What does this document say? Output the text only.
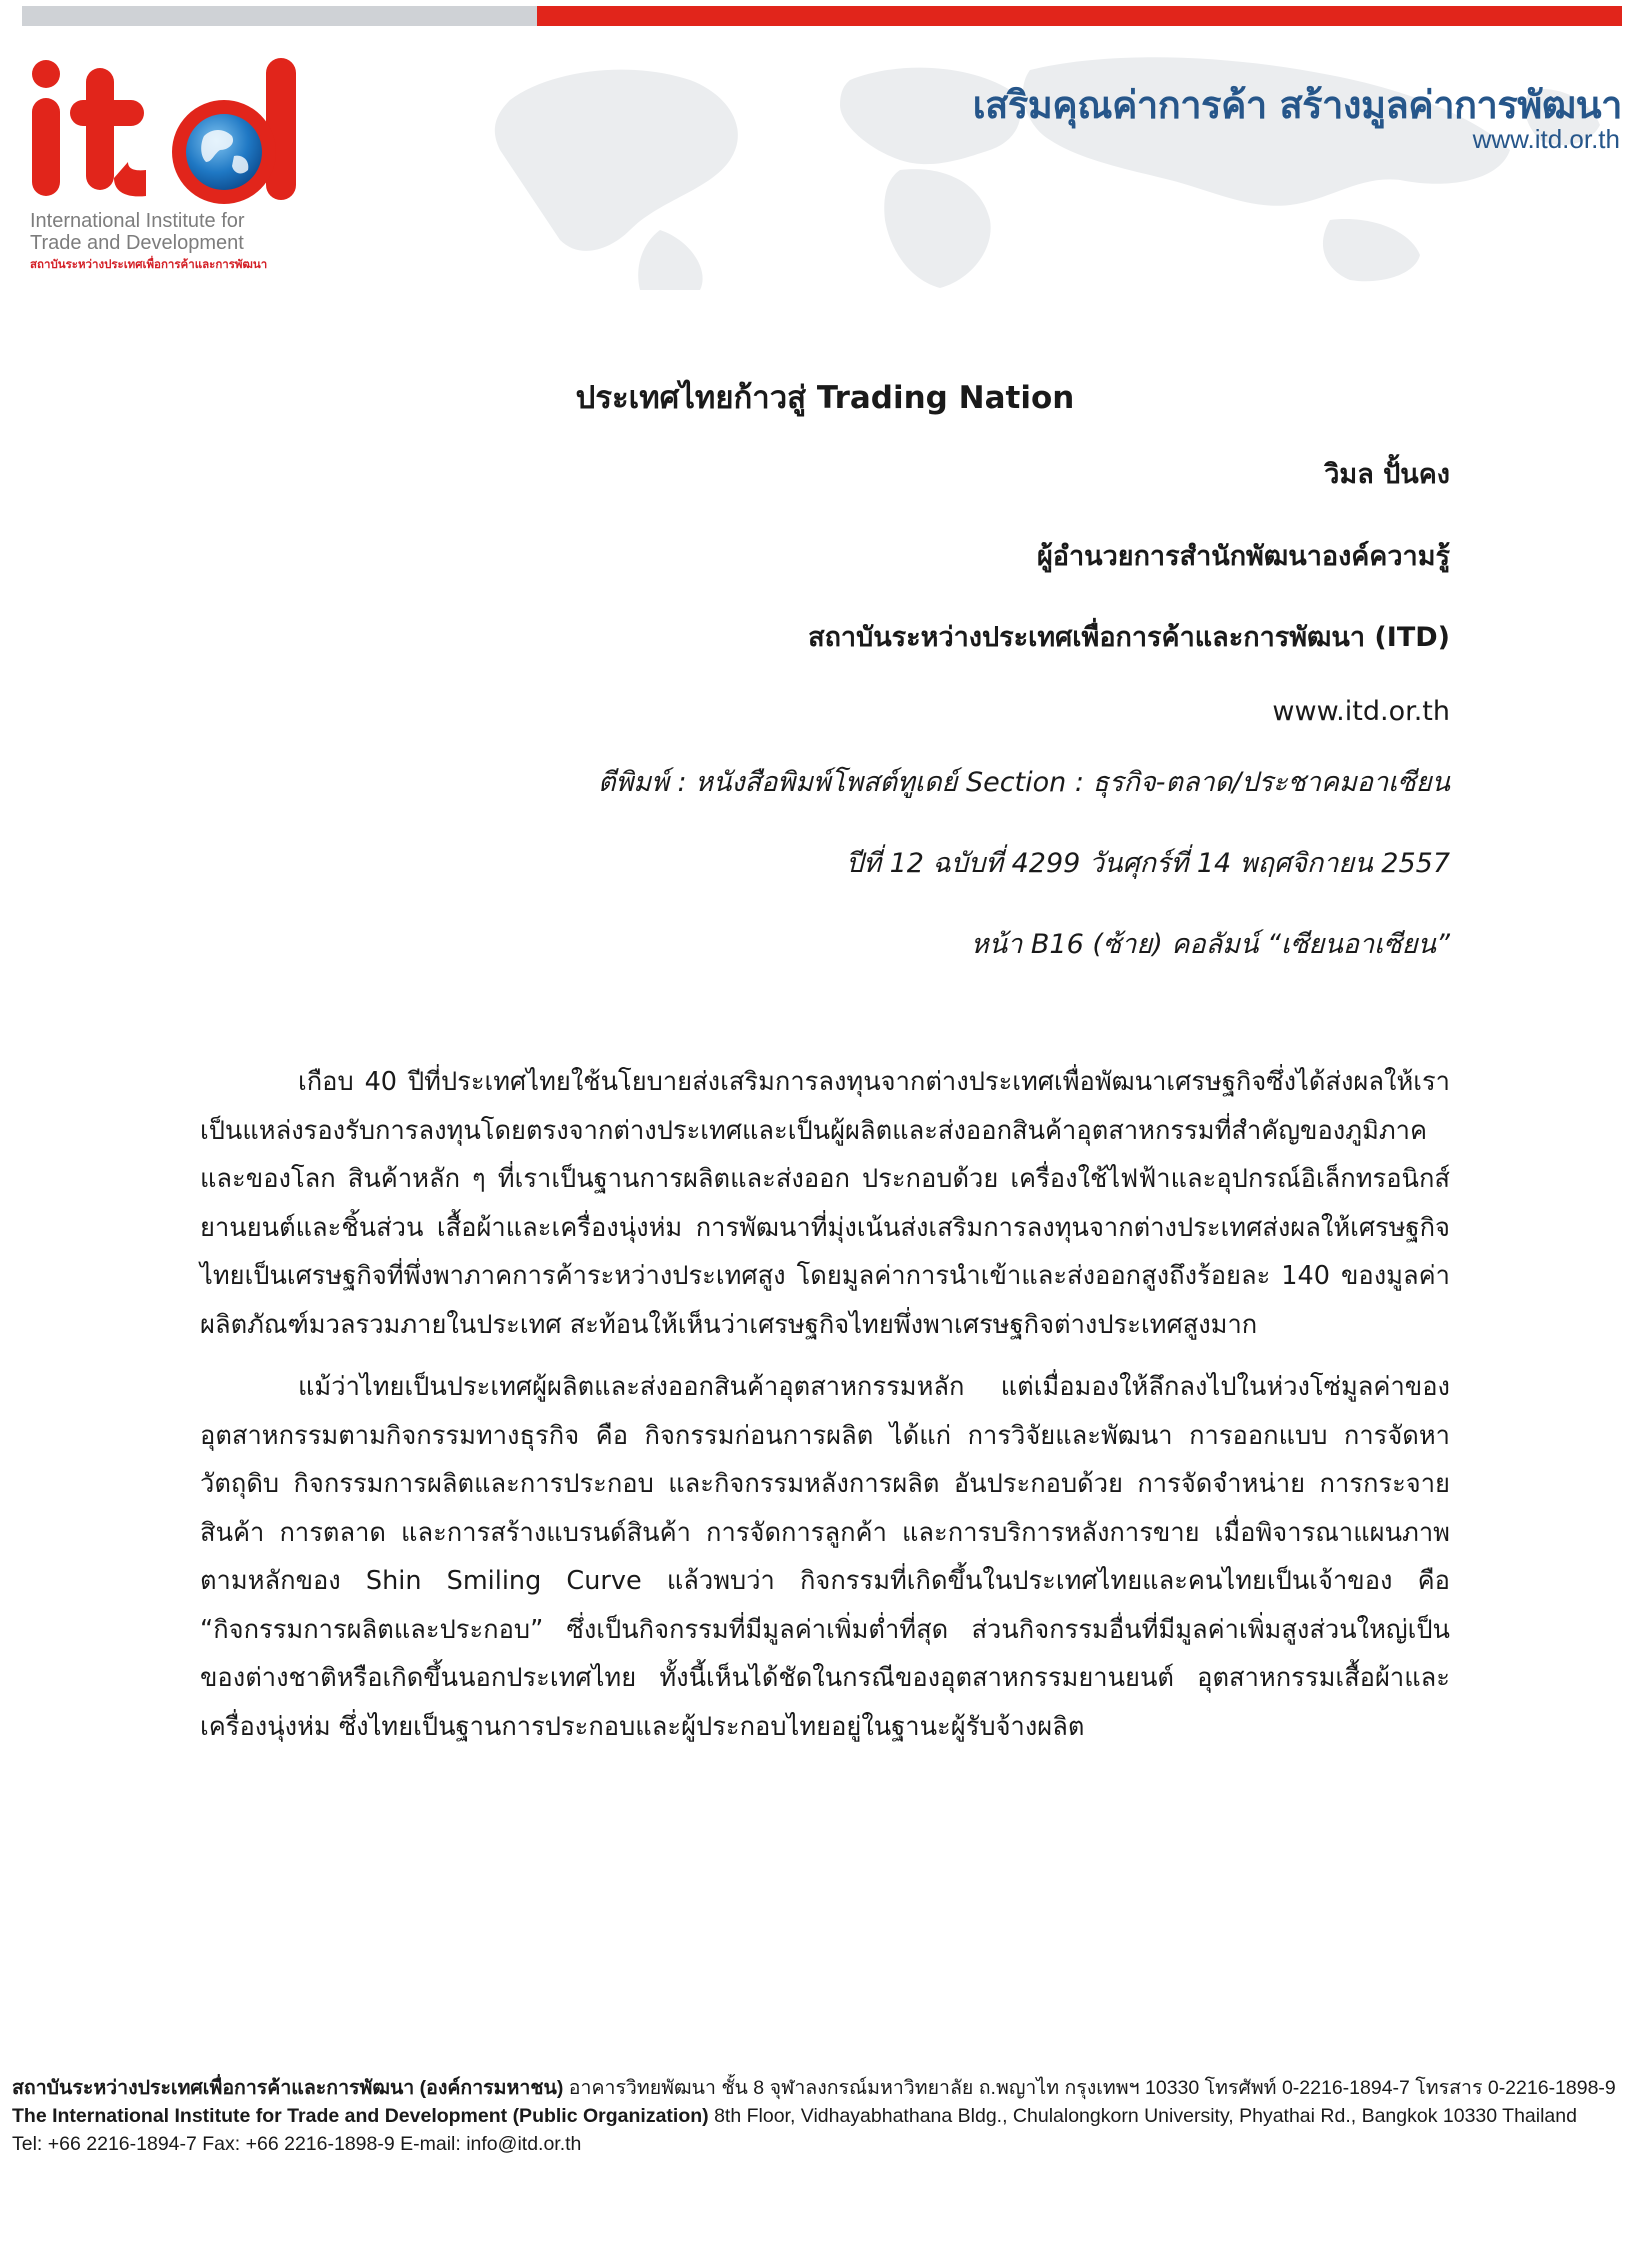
International Institute for
Trade and Development
สถาบันระหว่างประเทศเพื่อการค้าและการพัฒนา
เสริมคุณค่าการค้า สร้างมูลค่าการพัฒนา
www.itd.or.th
ประเทศไทยก้าวสู่ Trading Nation
วิมล ปั้นคง
ผู้อำนวยการสำนักพัฒนาองค์ความรู้
สถาบันระหว่างประเทศเพื่อการค้าและการพัฒนา (ITD)
www.itd.or.th
ตีพิมพ์ : หนังสือพิมพ์โพสต์ทูเดย์ Section : ธุรกิจ-ตลาด/ประชาคมอาเซียน
ปีที่ 12 ฉบับที่ 4299 วันศุกร์ที่ 14 พฤศจิกายน 2557
หน้า B16 (ซ้าย) คอลัมน์ “เซียนอาเซียน”

เกือบ 40 ปีที่ประเทศไทยใช้นโยบายส่งเสริมการลงทุนจากต่างประเทศเพื่อพัฒนาเศรษฐกิจซึ่งได้ส่งผลให้เราเป็นแหล่งรองรับการลงทุนโดยตรงจากต่างประเทศและเป็นผู้ผลิตและส่งออกสินค้าอุตสาหกรรมที่สำคัญของภูมิภาคและของโลก สินค้าหลัก ๆ ที่เราเป็นฐานการผลิตและส่งออก ประกอบด้วย เครื่องใช้ไฟฟ้าและอุปกรณ์อิเล็กทรอนิกส์ ยานยนต์และชิ้นส่วน เสื้อผ้าและเครื่องนุ่งห่ม การพัฒนาที่มุ่งเน้นส่งเสริมการลงทุนจากต่างประเทศส่งผลให้เศรษฐกิจไทยเป็นเศรษฐกิจที่พึ่งพาภาคการค้าระหว่างประเทศสูง โดยมูลค่าการนำเข้าและส่งออกสูงถึงร้อยละ 140 ของมูลค่าผลิตภัณฑ์มวลรวมภายในประเทศ สะท้อนให้เห็นว่าเศรษฐกิจไทยพึ่งพาเศรษฐกิจต่างประเทศสูงมาก

แม้ว่าไทยเป็นประเทศผู้ผลิตและส่งออกสินค้าอุตสาหกรรมหลัก แต่เมื่อมองให้ลึกลงไปในห่วงโซ่มูลค่าของอุตสาหกรรมตามกิจกรรมทางธุรกิจ คือ กิจกรรมก่อนการผลิต ได้แก่ การวิจัยและพัฒนา การออกแบบ การจัดหาวัตถุดิบ กิจกรรมการผลิตและการประกอบ และกิจกรรมหลังการผลิต อันประกอบด้วย การจัดจำหน่าย การกระจายสินค้า การตลาด และการสร้างแบรนด์สินค้า การจัดการลูกค้า และการบริการหลังการขาย เมื่อพิจารณาแผนภาพตามหลักของ Shin Smiling Curve แล้วพบว่า กิจกรรมที่เกิดขึ้นในประเทศไทยและคนไทยเป็นเจ้าของ คือ “กิจกรรมการผลิตและประกอบ” ซึ่งเป็นกิจกรรมที่มีมูลค่าเพิ่มต่ำที่สุด ส่วนกิจกรรมอื่นที่มีมูลค่าเพิ่มสูงส่วนใหญ่เป็นของต่างชาติหรือเกิดขึ้นนอกประเทศไทย ทั้งนี้เห็นได้ชัดในกรณีของอุตสาหกรรมยานยนต์ อุตสาหกรรมเสื้อผ้าและเครื่องนุ่งห่ม ซึ่งไทยเป็นฐานการประกอบและผู้ประกอบไทยอยู่ในฐานะผู้รับจ้างผลิต

สถาบันระหว่างประเทศเพื่อการค้าและการพัฒนา (องค์การมหาชน) อาคารวิทยพัฒนา ชั้น 8 จุฬาลงกรณ์มหาวิทยาลัย ถ.พญาไท กรุงเทพฯ 10330 โทรศัพท์ 0-2216-1894-7 โทรสาร 0-2216-1898-9
The International Institute for Trade and Development (Public Organization) 8th Floor, Vidhayabhathana Bldg., Chulalongkorn University, Phyathai Rd., Bangkok 10330 Thailand
Tel: +66 2216-1894-7 Fax: +66 2216-1898-9 E-mail: info@itd.or.th
